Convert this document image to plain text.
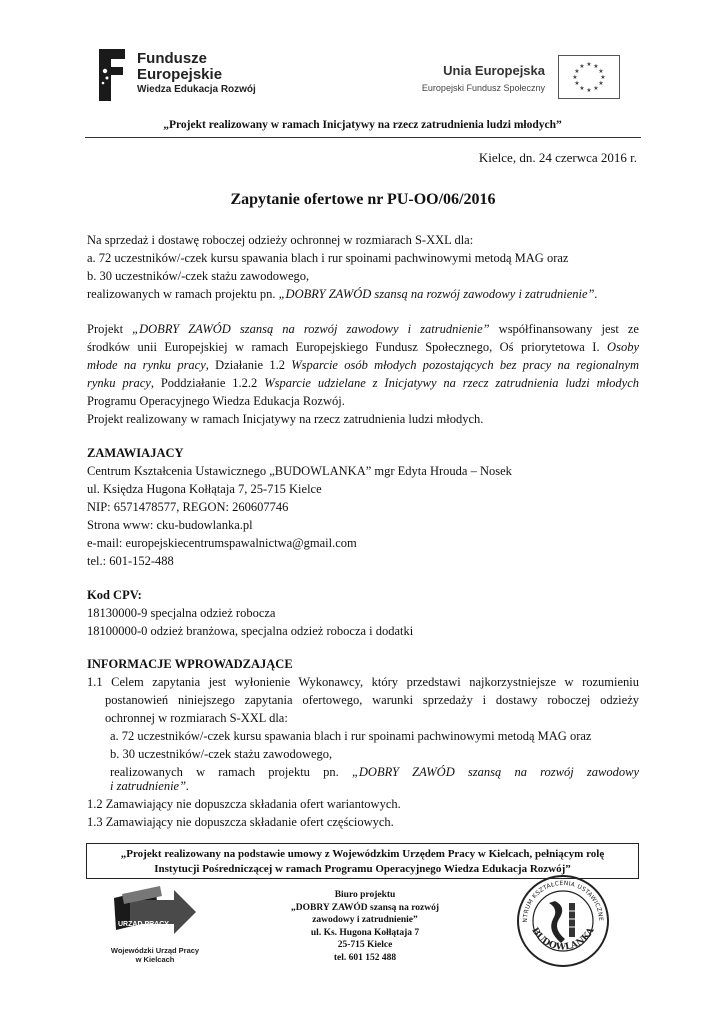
Fundusze
Europejskie
Wiedza Edukacja Rozwój
Unia Europejska
Europejski Fundusz Społeczny
★ ★
★
★
★
★
★
★
★
★
★
★
„Projekt realizowany w ramach Inicjatywy na rzecz zatrudnienia ludzi młodych”
Kielce, dn. 24 czerwca 2016 r.
Zapytanie ofertowe nr PU-OO/06/2016
Na sprzedaż i dostawę roboczej odzieży ochronnej w rozmiarach S-XXL dla:
a. 72 uczestników/-czek kursu spawania blach i rur spoinami pachwinowymi metodą MAG oraz
b. 30 uczestników/-czek stażu zawodowego,
realizowanych w ramach projektu pn. „DOBRY ZAWÓD szansą na rozwój zawodowy i zatrudnienie”.
Projekt „DOBRY ZAWÓD szansą na rozwój zawodowy i zatrudnienie” współfinansowany jest ze
środków unii Europejskiej w ramach Europejskiego Fundusz Społecznego, Oś priorytetowa I. Osoby
młode na rynku pracy, Działanie 1.2 Wsparcie osób młodych pozostających bez pracy na regionalnym
rynku pracy, Poddziałanie 1.2.2 Wsparcie udzielane z Inicjatywy na rzecz zatrudnienia ludzi młodych
Programu Operacyjnego Wiedza Edukacja Rozwój.
Projekt realizowany w ramach Inicjatywy na rzecz zatrudnienia ludzi młodych.
ZAMAWIAJACY
Centrum Kształcenia Ustawicznego „BUDOWLANKA” mgr Edyta Hrouda – Nosek
ul. Księdza Hugona Kołłątaja 7, 25-715 Kielce
NIP: 6571478577, REGON: 260607746
Strona www: cku-budowlanka.pl
e-mail: europejskiecentrumspawalnictwa@gmail.com
tel.: 601-152-488
Kod CPV:
18130000-9 specjalna odzież robocza
18100000-0 odzież branżowa, specjalna odzież robocza i dodatki
INFORMACJE WPROWADZAJĄCE
1.1 Celem zapytania jest wyłonienie Wykonawcy, który przedstawi najkorzystniejsze w rozumieniu
postanowień niniejszego zapytania ofertowego, warunki sprzedaży i dostawy roboczej odzieży
ochronnej w rozmiarach S-XXL dla:
a. 72 uczestników/-czek kursu spawania blach i rur spoinami pachwinowymi metodą MAG oraz
b. 30 uczestników/-czek stażu zawodowego,
realizowanych w ramach projektu pn. „DOBRY ZAWÓD szansą na rozwój zawodowy
i zatrudnienie”.
1.2 Zamawiający nie dopuszcza składania ofert wariantowych.
1.3 Zamawiający nie dopuszcza składanie ofert częściowych.
„Projekt realizowany na podstawie umowy z Wojewódzkim Urzędem Pracy w Kielcach, pełniącym rolę
Instytucji Pośredniczącej w ramach Programu Operacyjnego Wiedza Edukacja Rozwój”
URZĄD PRACY
Wojewódzki Urząd Pracy
w Kielcach
Biuro projektu
„DOBRY ZAWÓD szansą na rozwój
zawodowy i zatrudnienie”
ul. Ks. Hugona Kołłątaja 7
25-715 Kielce
tel. 601 152 488
NTRUM KSZTAŁCENIA USTAWICZNE
BUDOWLANKA
